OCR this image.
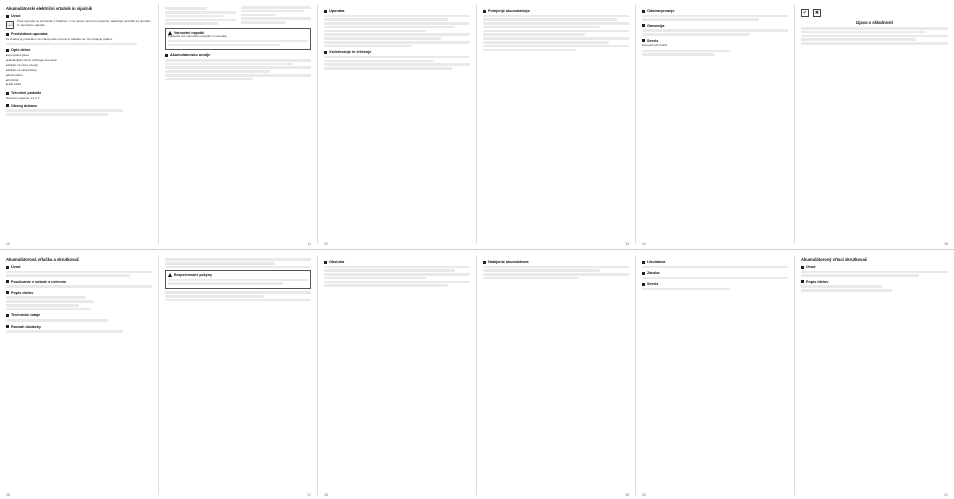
Akumulátorski električni vrtalnik in vijačnik
Uvod
📖
Pred uporabo se seznanite z izdelkom. V ta namen pozorno preberite naslednja navodila za uporabo in varnostne napotke.
Predvidena uporaba
Ta izdelek je predviden za vrtanje lesa, kovine in plastike ter za privijanje vijakov.
Opis delov
■ Vpenjalna glava
■ Nastavljalni obroč vrtilnega momenta
■ Stikalo za smer vrtenja
■ Stikalo za vklop/izklop
■ Akumulator
■ Polnilnik
■ LED lučka
Tehnični podatki
Nazivna napetost: 14,4 V
Obseg dobave
10
Varnostni napotki
Preberite vse varnostne napotke in navodila.
Akumulatorsko orodje
11
Uporaba
Vzdrževanje in čiščenje
12
Polnjenje akumulatorja
13
Odstranjevanje
Garancija
Servis
Kompernaß GmbH
14
✔	✖
Izjava o skladnosti
15
Akumulátorová vŕtačka a skrutkovač
Úvod
Používanie v súlade s určením
Popis dielov
Technické údaje
Rozsah dodávky
16
Bezpečnostné pokyny
17
Obsluha
18
Nabíjanie akumulátora
19
Likvidácia
Záruka
Servis
20
Akumulátorový vŕtací skrutkovač
Úvod
Popis dielov
21
